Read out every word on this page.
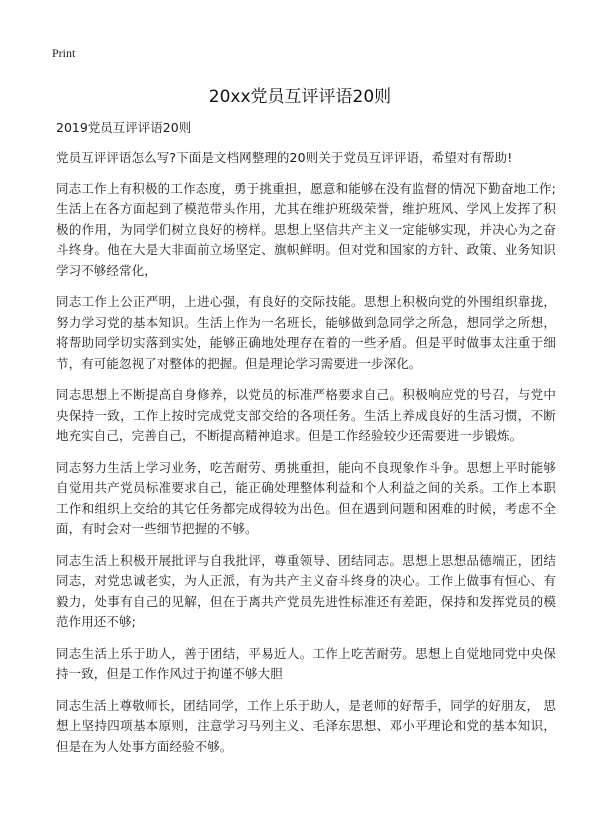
Print
20xx党员互评评语20则

2019党员互评评语20则

党员互评评语怎么写?下面是文档网整理的20则关于党员互评评语，希望对有帮助!

同志工作上有积极的工作态度，勇于挑重担，愿意和能够在没有监督的情况下勤奋地工作;生活上在各方面起到了模范带头作用，尤其在维护班级荣誉，维护班风、学风上发挥了积极的作用，为同学们树立良好的榜样。思想上坚信共产主义一定能够实现，并决心为之奋斗终身。他在大是大非面前立场坚定、旗帜鲜明。但对党和国家的方针、政策、业务知识学习不够经常化，

同志工作上公正严明，上进心强，有良好的交际技能。思想上积极向党的外围组织靠拢，努力学习党的基本知识。生活上作为一名班长，能够做到急同学之所急，想同学之所想，将帮助同学切实落到实处，能够正确地处理存在着的一些矛盾。但是平时做事太注重于细节，有可能忽视了对整体的把握。但是理论学习需要进一步深化。

同志思想上不断提高自身修养，以党员的标准严格要求自己。积极响应党的号召，与党中央保持一致，工作上按时完成党支部交给的各项任务。生活上养成良好的生活习惯，不断地充实自己，完善自己，不断提高精神追求。但是工作经验较少还需要进一步锻炼。

同志努力生活上学习业务，吃苦耐劳、勇挑重担，能向不良现象作斗争。思想上平时能够自觉用共产党员标准要求自己，能正确处理整体利益和个人利益之间的关系。工作上本职工作和组织上交给的其它任务都完成得较为出色。但在遇到问题和困难的时候，考虑不全面，有时会对一些细节把握的不够。

同志生活上积极开展批评与自我批评，尊重领导、团结同志。思想上思想品德端正，团结同志，对党忠诚老实，为人正派，有为共产主义奋斗终身的决心。工作上做事有恒心、有毅力，处事有自己的见解，但在于离共产党员先进性标准还有差距，保持和发挥党员的模范作用还不够;

同志生活上乐于助人，善于团结，平易近人。工作上吃苦耐劳。思想上自觉地同党中央保持一致，但是工作作风过于拘谨不够大胆

同志生活上尊敬师长，团结同学，工作上乐于助人，是老师的好帮手，同学的好朋友， 思想上坚持四项基本原则，注意学习马列主义、毛泽东思想、邓小平理论和党的基本知识，但是在为人处事方面经验不够。
